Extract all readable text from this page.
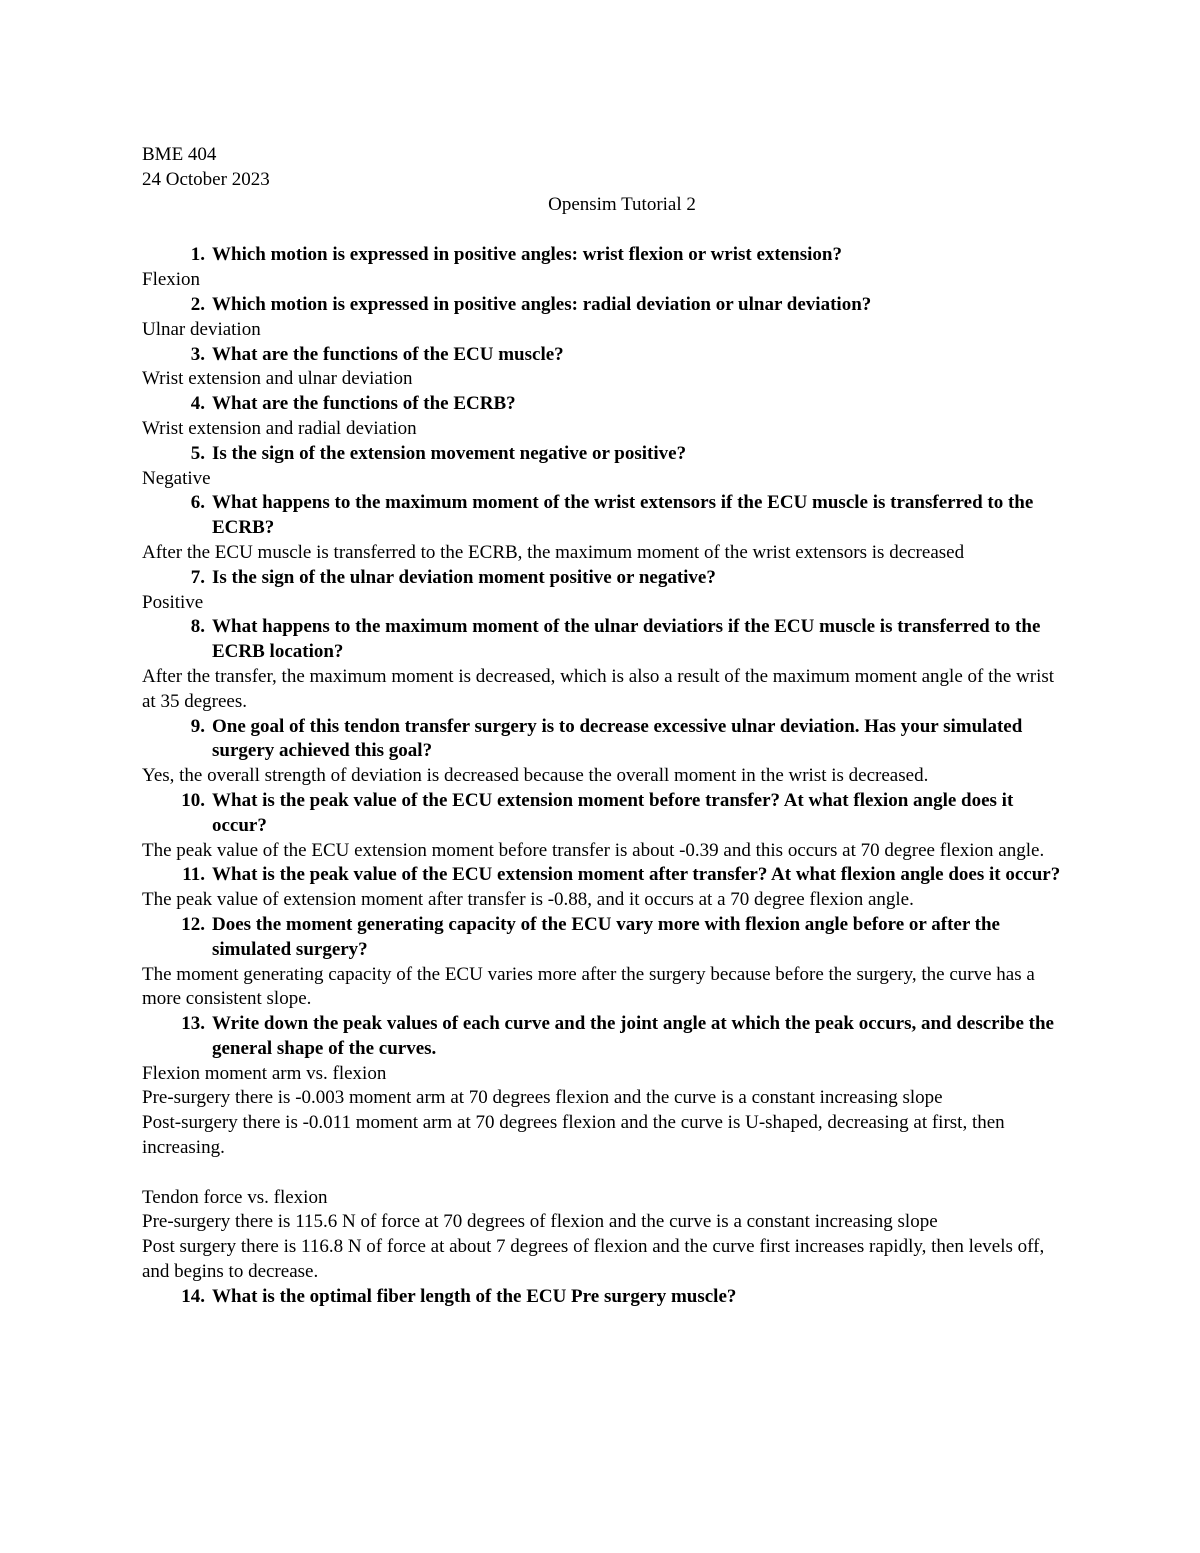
BME 404

24 October 2023

Opensim Tutorial 2

1. Which motion is expressed in positive angles: wrist flexion or wrist extension?

Flexion

2. Which motion is expressed in positive angles: radial deviation or ulnar deviation?

Ulnar deviation

3. What are the functions of the ECU muscle?

Wrist extension and ulnar deviation

4. What are the functions of the ECRB?

Wrist extension and radial deviation

5. Is the sign of the extension movement negative or positive?

Negative

6. What happens to the maximum moment of the wrist extensors if the ECU muscle is transferred to the ECRB?

After the ECU muscle is transferred to the ECRB, the maximum moment of the wrist extensors is decreased

7. Is the sign of the ulnar deviation moment positive or negative?

Positive

8. What happens to the maximum moment of the ulnar deviatiors if the ECU muscle is transferred to the ECRB location?

After the transfer, the maximum moment is decreased, which is also a result of the maximum moment angle of the wrist at 35 degrees.

9. One goal of this tendon transfer surgery is to decrease excessive ulnar deviation. Has your simulated surgery achieved this goal?

Yes, the overall strength of deviation is decreased because the overall moment in the wrist is decreased.

10. What is the peak value of the ECU extension moment before transfer? At what flexion angle does it occur?

The peak value of the ECU extension moment before transfer is about -0.39 and this occurs at 70 degree flexion angle.

11. What is the peak value of the ECU extension moment after transfer? At what flexion angle does it occur?

The peak value of extension moment after transfer is -0.88, and it occurs at a 70 degree flexion angle.

12. Does the moment generating capacity of the ECU vary more with flexion angle before or after the simulated surgery?

The moment generating capacity of the ECU varies more after the surgery because before the surgery, the curve has a more consistent slope.

13. Write down the peak values of each curve and the joint angle at which the peak occurs, and describe the general shape of the curves.

Flexion moment arm vs. flexion

Pre-surgery there is -0.003 moment arm at 70 degrees flexion and the curve is a constant increasing slope

Post-surgery there is -0.011 moment arm at 70 degrees flexion and the curve is U-shaped, decreasing at first, then increasing.

Tendon force vs. flexion

Pre-surgery there is 115.6 N of force at 70 degrees of flexion and the curve is a constant increasing slope

Post surgery there is 116.8 N of force at about 7 degrees of flexion and the curve first increases rapidly, then levels off, and begins to decrease.

14. What is the optimal fiber length of the ECU Pre surgery muscle?
